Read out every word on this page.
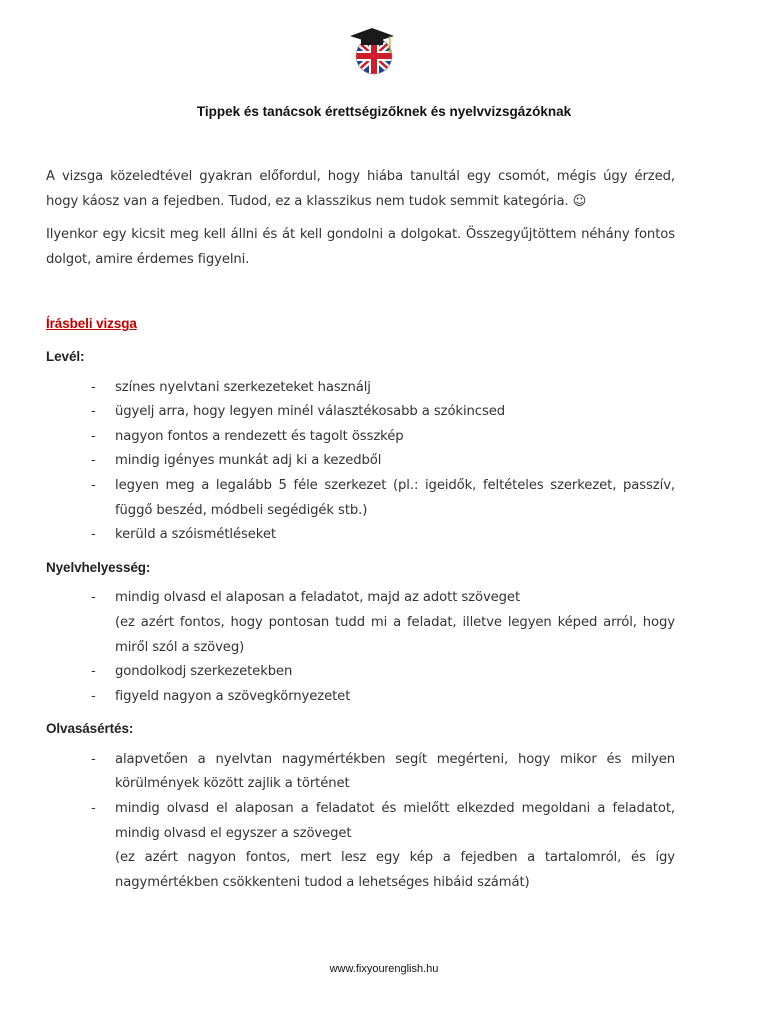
Tippek és tanácsok érettségizőknek és nyelvvizsgázóknak

A vizsga közeledtével gyakran előfordul, hogy hiába tanultál egy csomót, mégis úgy érzed, hogy káosz van a fejedben. Tudod, ez a klasszikus nem tudok semmit kategória. ☺

Ilyenkor egy kicsit meg kell állni és át kell gondolni a dolgokat. Összegyűjtöttem néhány fontos dolgot, amire érdemes figyelni.

Írásbeli vizsga
Levél:
- színes nyelvtani szerkezeteket használj
- ügyelj arra, hogy legyen minél választékosabb a szókincsed
- nagyon fontos a rendezett és tagolt összkép
- mindig igényes munkát adj ki a kezedből
- legyen meg a legalább 5 féle szerkezet (pl.: igeidők, feltételes szerkezet, passzív, függő beszéd, módbeli segédigék stb.)
- kerüld a szóismétléseket
Nyelvhelyesség:
- mindig olvasd el alaposan a feladatot, majd az adott szöveget
(ez azért fontos, hogy pontosan tudd mi a feladat, illetve legyen képed arról, hogy miről szól a szöveg)
- gondolkodj szerkezetekben
- figyeld nagyon a szövegkörnyezetet
Olvasásértés:
- alapvetően a nyelvtan nagymértékben segít megérteni, hogy mikor és milyen körülmények között zajlik a történet
- mindig olvasd el alaposan a feladatot és mielőtt elkezded megoldani a feladatot, mindig olvasd el egyszer a szöveget
(ez azért nagyon fontos, mert lesz egy kép a fejedben a tartalomról, és így nagymértékben csökkenteni tudod a lehetséges hibáid számát)
www.fixyourenglish.hu
